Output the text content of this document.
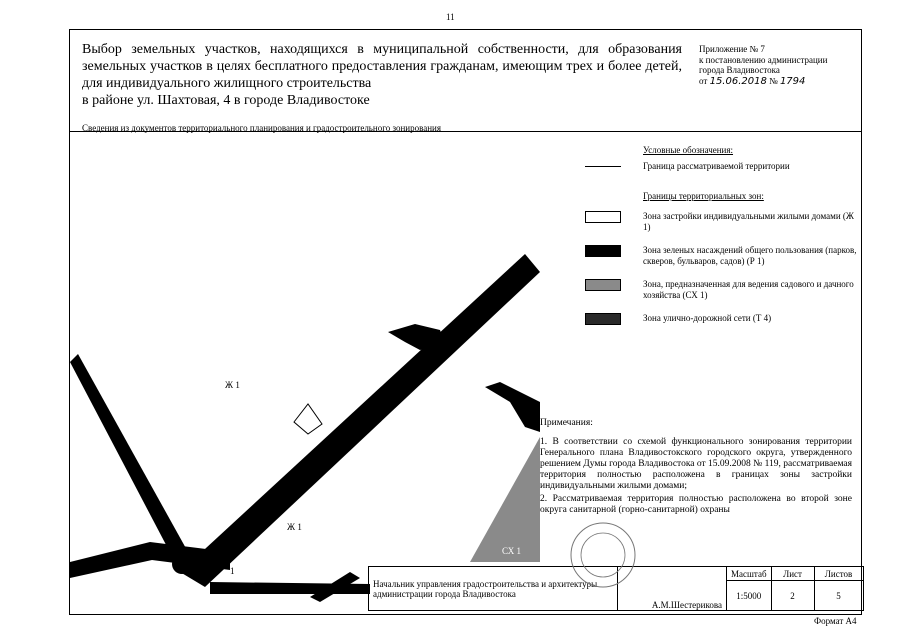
11
Выбор земельных участков, находящихся в муниципальной собственности, для образования земельных участков в целях бесплатного предоставления гражданам, имеющим трех и более детей, для индивидуального жилищного строительства
в районе ул. Шахтовая, 4 в городе Владивостоке
Приложение № 7
к постановлению администрации
города Владивостока
от 15.06.2018 № 1794
Сведения из документов территориального планирования и градостроительного зонирования
Ж 1
Ж 1
СХ 1
1
Р1
Условные обозначения:
Граница рассматриваемой территории
Границы территориальных зон:
Зона застройки индивидуальными жилыми домами (Ж 1)
Зона зеленых насаждений общего пользования (парков, скверов, бульваров, садов) (Р 1)
Зона, предназначенная для ведения садового и дачного хозяйства (СХ 1)
Зона улично-дорожной сети (Т 4)
Примечания:
1. В соответствии со схемой функционального зонирования территории Генерального плана Владивостокского городского округа, утвержденного решением Думы города Владивостока от 15.09.2008 № 119, рассматриваемая территория полностью расположена в границах зоны застройки индивидуальными жилыми домами;
2. Рассматриваемая территория полностью расположена во второй зоне округа санитарной (горно-санитарной) охраны
Начальник управления градостроительства и архитектуры администрации города Владивостока	А.М.Шестерикова	Масштаб	Лист	Листов
		1:5000	2	5
Формат А4
